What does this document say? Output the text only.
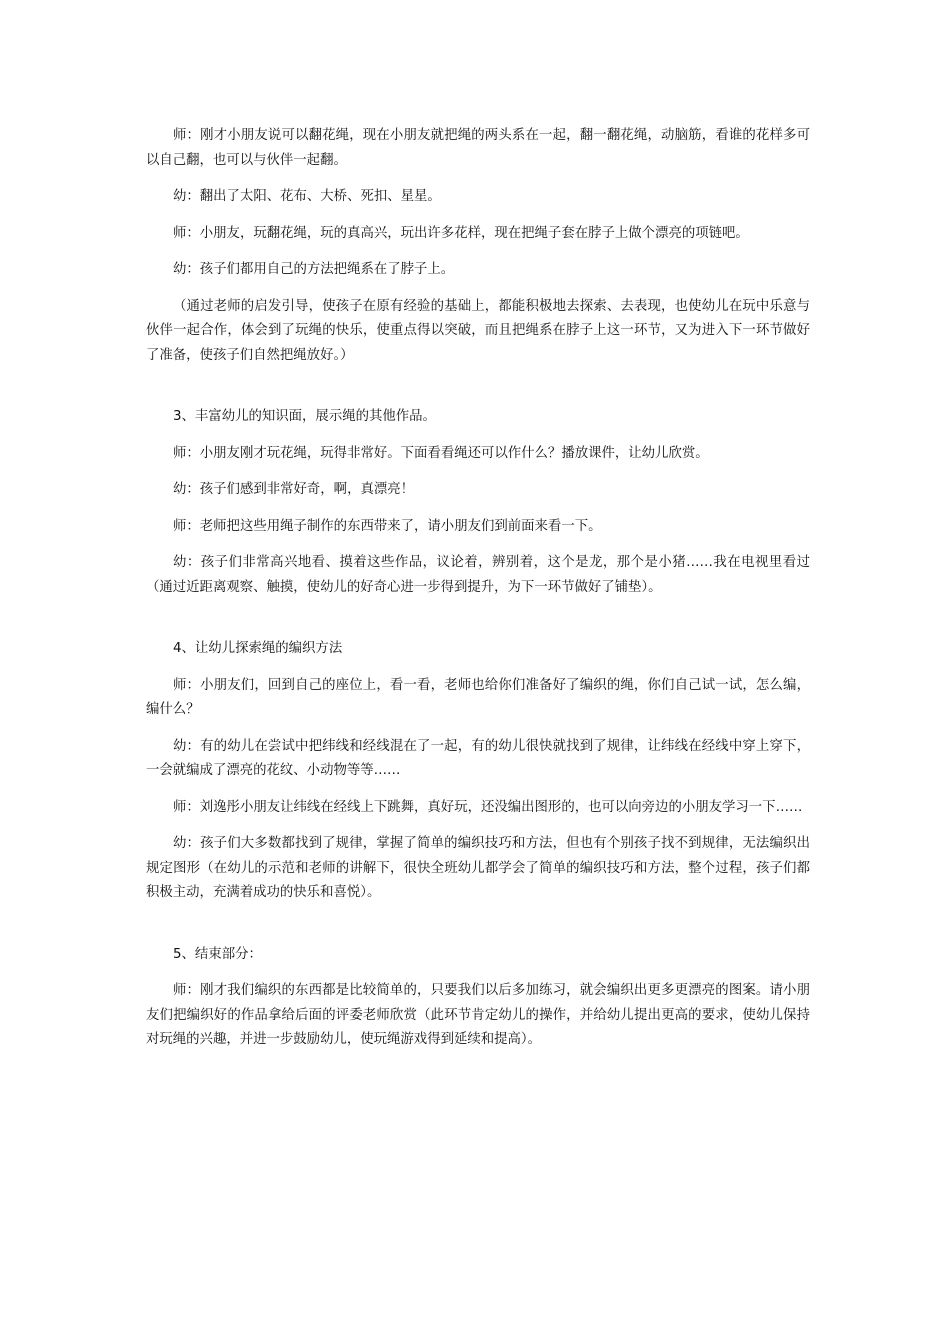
师：刚才小朋友说可以翻花绳，现在小朋友就把绳的两头系在一起，翻一翻花绳，动脑筋，看谁的花样多可以自己翻，也可以与伙伴一起翻。

幼：翻出了太阳、花布、大桥、死扣、星星。

师：小朋友，玩翻花绳，玩的真高兴，玩出许多花样，现在把绳子套在脖子上做个漂亮的项链吧。

幼：孩子们都用自己的方法把绳系在了脖子上。

（通过老师的启发引导，使孩子在原有经验的基础上，都能积极地去探索、去表现，也使幼儿在玩中乐意与伙伴一起合作，体会到了玩绳的快乐，使重点得以突破，而且把绳系在脖子上这一环节，又为进入下一环节做好了准备，使孩子们自然把绳放好。）

3、丰富幼儿的知识面，展示绳的其他作品。

师：小朋友刚才玩花绳，玩得非常好。下面看看绳还可以作什么？播放课件，让幼儿欣赏。

幼：孩子们感到非常好奇，啊，真漂亮！

师：老师把这些用绳子制作的东西带来了，请小朋友们到前面来看一下。

幼：孩子们非常高兴地看、摸着这些作品，议论着，辨别着，这个是龙，那个是小猪……我在电视里看过（通过近距离观察、触摸，使幼儿的好奇心进一步得到提升，为下一环节做好了铺垫）。

4、让幼儿探索绳的编织方法

师：小朋友们，回到自己的座位上，看一看，老师也给你们准备好了编织的绳，你们自己试一试，怎么编，编什么？

幼：有的幼儿在尝试中把纬线和经线混在了一起，有的幼儿很快就找到了规律，让纬线在经线中穿上穿下，一会就编成了漂亮的花纹、小动物等等……

师：刘逸彤小朋友让纬线在经线上下跳舞，真好玩，还没编出图形的，也可以向旁边的小朋友学习一下……

幼：孩子们大多数都找到了规律，掌握了简单的编织技巧和方法，但也有个别孩子找不到规律，无法编织出规定图形（在幼儿的示范和老师的讲解下，很快全班幼儿都学会了简单的编织技巧和方法，整个过程，孩子们都积极主动，充满着成功的快乐和喜悦）。

5、结束部分：

师：刚才我们编织的东西都是比较简单的，只要我们以后多加练习，就会编织出更多更漂亮的图案。请小朋友们把编织好的作品拿给后面的评委老师欣赏（此环节肯定幼儿的操作，并给幼儿提出更高的要求，使幼儿保持对玩绳的兴趣，并进一步鼓励幼儿，使玩绳游戏得到延续和提高）。
